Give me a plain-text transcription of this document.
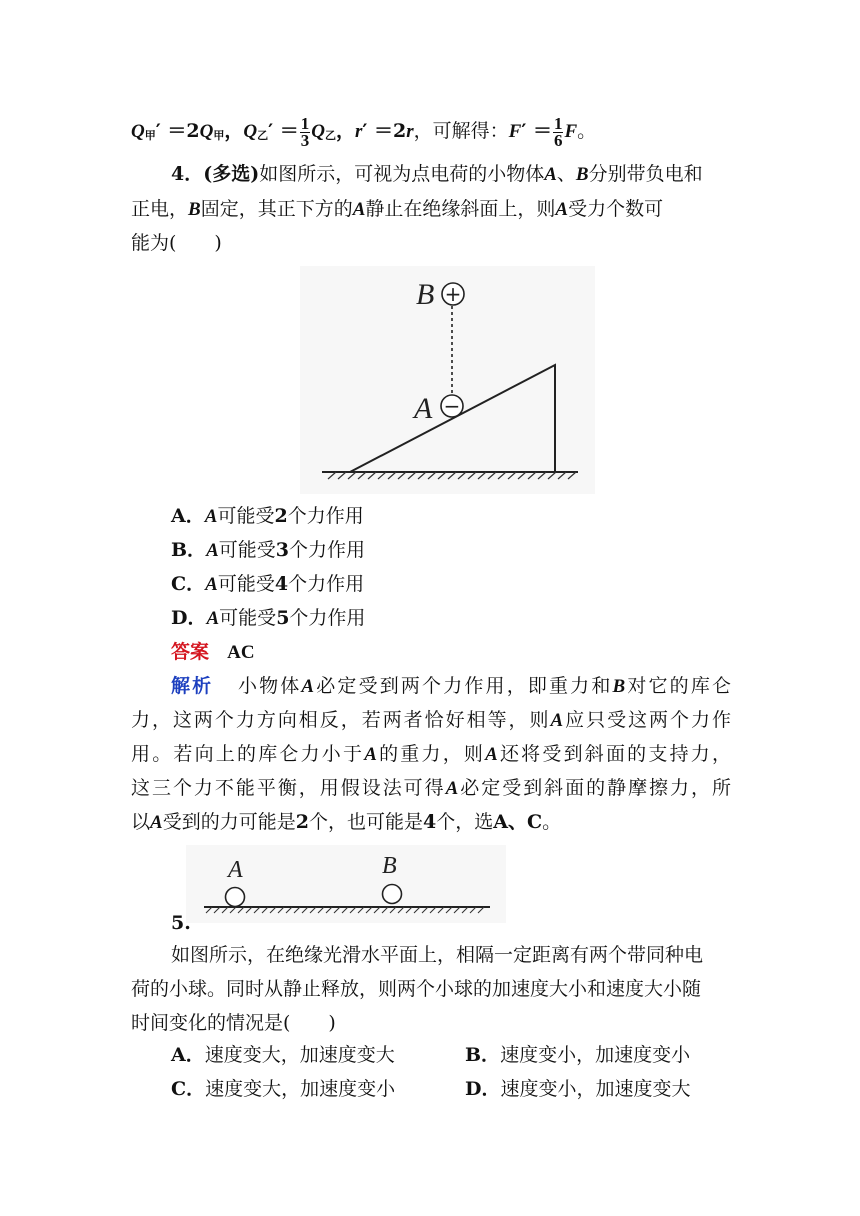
Q甲′ ＝2Q甲，Q乙′ ＝ $\frac{1}{3}$ Q乙，r′ ＝2r，可解得：$F' = \frac{1}{6}$ F。
4．(多选)如图所示，可视为点电荷的小物体A、B分别带负电和
正电，B固定，其正下方的A静止在绝缘斜面上，则A受力个数可
能为(　　)
B +
A −
A．A可能受2个力作用
B．A可能受3个力作用
C．A可能受4个力作用
D．A可能受5个力作用
答案 AC
解析 小物体A必定受到两个力作用，即重力和B对它的库仑
力，这两个力方向相反，若两者恰好相等，则A应只受这两个力作
用。若向上的库仑力小于A的重力，则A还将受到斜面的支持力，
这三个力不能平衡，用假设法可得A必定受到斜面的静摩擦力，所
以A受到的力可能是2个，也可能是4个，选A、C。
A	B
5.
如图所示，在绝缘光滑水平面上，相隔一定距离有两个带同种电
荷的小球。同时从静止释放，则两个小球的加速度大小和速度大小随
时间变化的情况是(　　)
A．速度变大，加速度变大	B．速度变小，加速度变小
C．速度变大，加速度变小	D．速度变小，加速度变大
